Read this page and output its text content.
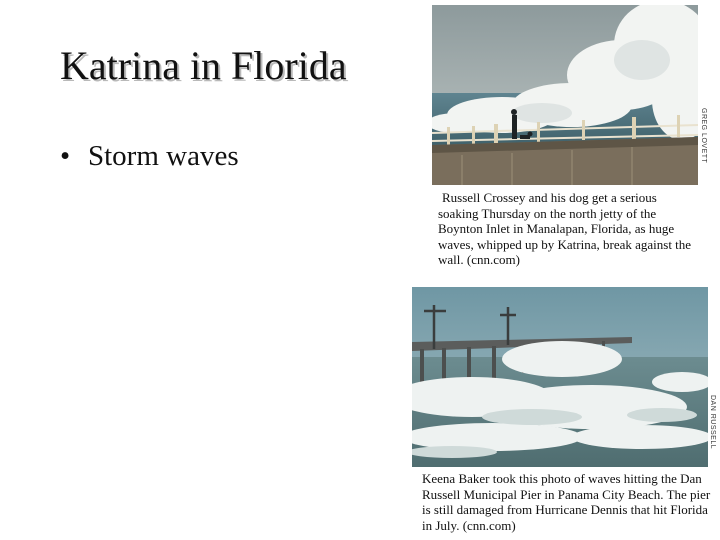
Katrina in Florida
• Storm waves	GREG LOVETT
Russell Crossey and his dog get a serious soaking Thursday on the north jetty of the Boynton Inlet in Manalapan, Florida, as huge waves, whipped up by Katrina, break against the wall. (cnn.com)
DAN RUSSELL
Keena Baker took this photo of waves hitting the Dan Russell Municipal Pier in Panama City Beach. The pier is still damaged from Hurricane Dennis that hit Florida in July. (cnn.com)
